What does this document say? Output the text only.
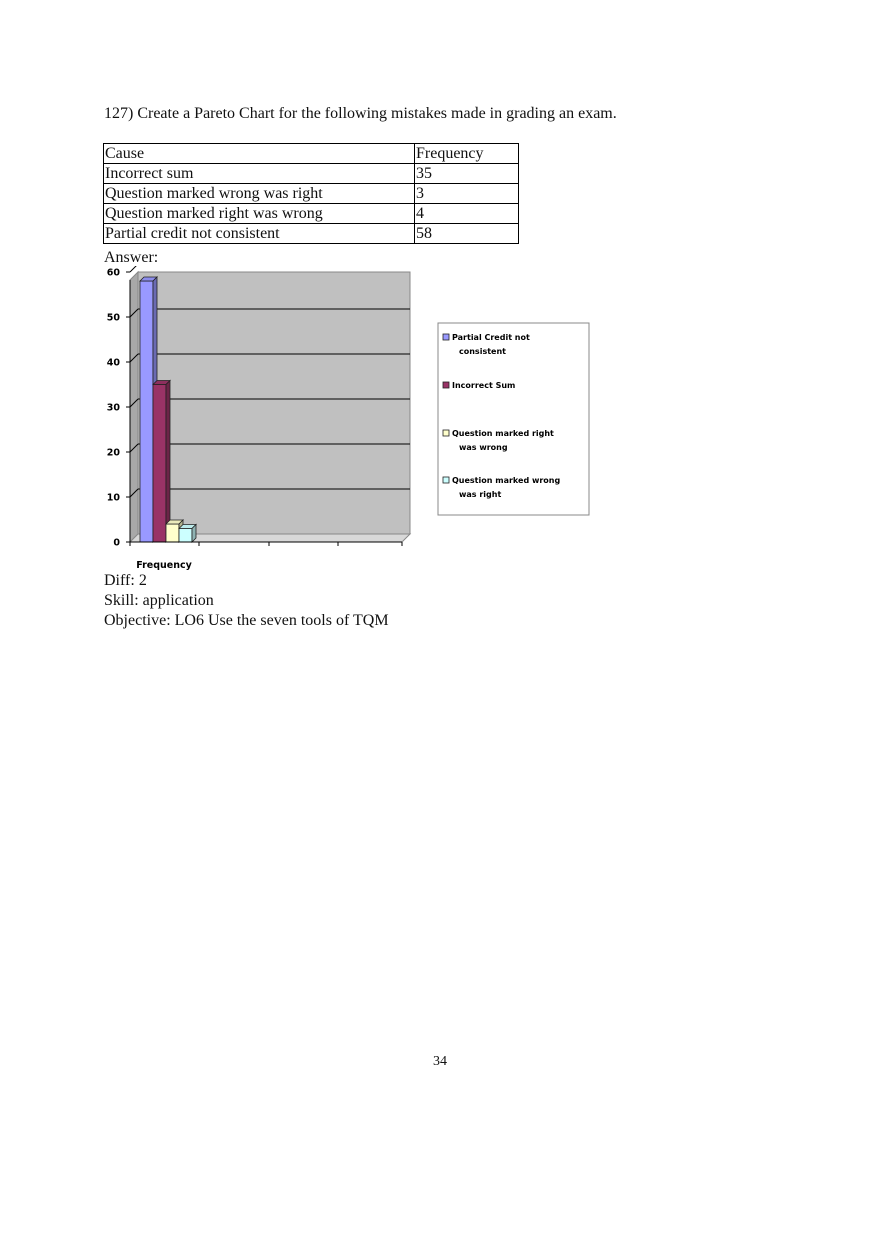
127) Create a Pareto Chart for the following mistakes made in grading an exam.
Cause	Frequency
Incorrect sum	35
Question marked wrong was right	3
Question marked right was wrong	4
Partial credit not consistent	58
Answer:
0
10
20
30
40
50
60
Frequency
Partial Credit not
consistent
Incorrect Sum
Question marked right
was wrong
Question marked wrong
was right
Diff: 2
Skill: application
Objective: LO6 Use the seven tools of TQM
34
